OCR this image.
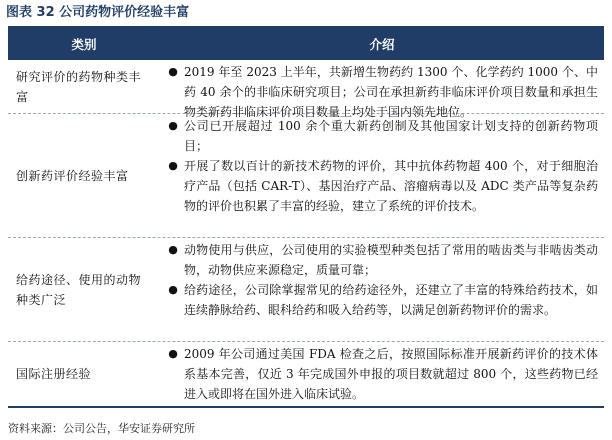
图表 32 公司药物评价经验丰富
类别	介绍
研究评价的药物种类丰富
● 2019 年至 2023 上半年，共新增生物药约 1300 个、化学药约 1000 个、中药 40 余个的非临床研究项目；公司在承担新药非临床评价项目数量和承担生物类新药非临床评价项目数量上均处于国内领先地位。
创新药评价经验丰富
● 公司已开展超过 100 余个重大新药创制及其他国家计划支持的创新药物项目；
● 开展了数以百计的新技术药物的评价，其中抗体药物超 400 个，对于细胞治疗产品（包括 CAR-T）、基因治疗产品、溶瘤病毒以及 ADC 类产品等复杂药物的评价也积累了丰富的经验，建立了系统的评价技术。
给药途径、使用的动物种类广泛
● 动物使用与供应，公司使用的实验模型种类包括了常用的啮齿类与非啮齿类动物，动物供应来源稳定，质量可靠；
● 给药途径，公司除掌握常见的给药途径外，还建立了丰富的特殊给药技术，如连续静脉给药、眼科给药和吸入给药等，以满足创新药物评价的需求。
国际注册经验
● 2009 年公司通过美国 FDA 检查之后，按照国际标准开展新药评价的技术体系基本完善，仅近 3 年完成国外申报的项目数就超过 800 个，这些药物已经进入或即将在国外进入临床试验。
资料来源：公司公告，华安证券研究所
